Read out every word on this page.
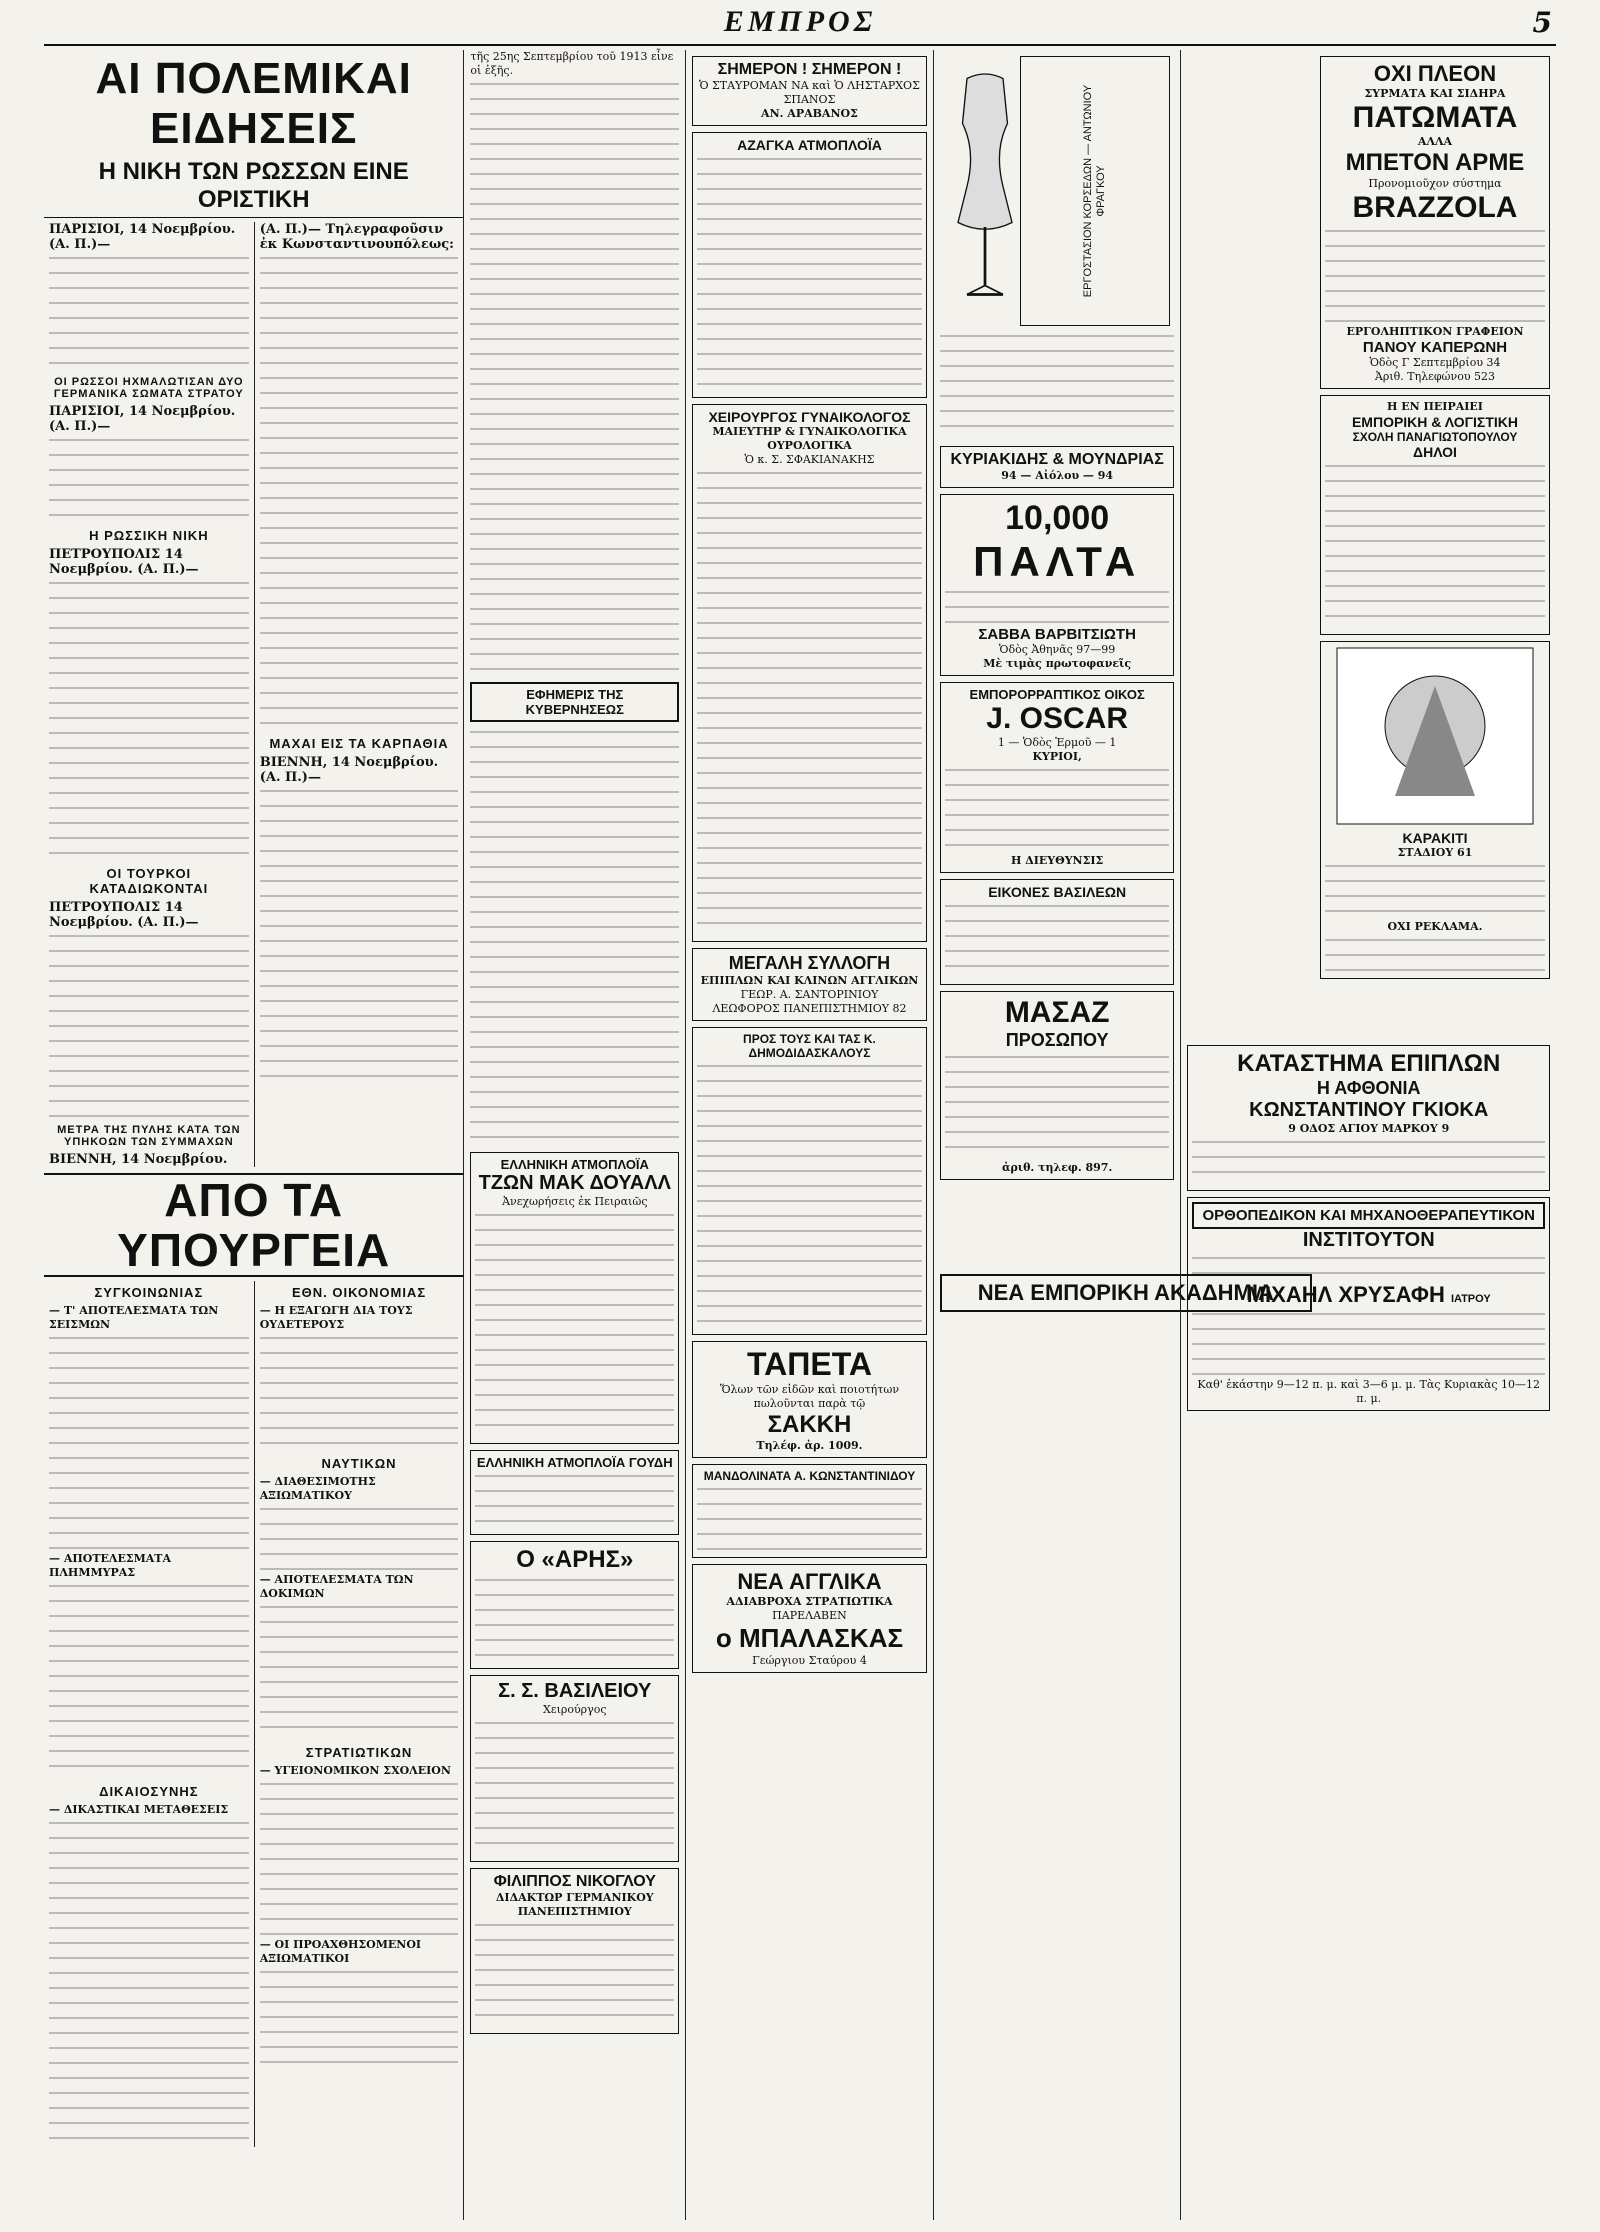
ΕΜΠΡΟΣ	5
ΑΙ ΠΟΛΕΜΙΚΑΙ ΕΙΔΗΣΕΙΣ
Η ΝΙΚΗ ΤΩΝ ΡΩΣΣΩΝ ΕΙΝΕ ΟΡΙΣΤΙΚΗ
ΠΑΡΙΣΙΟΙ, 14 Νοεμβρίου. (Α. Π.)—
ΟΙ ΡΩΣΣΟΙ ΗΧΜΑΛΩΤΙΣΑΝ ΔΥΟ ΓΕΡΜΑΝΙΚΑ ΣΩΜΑΤΑ ΣΤΡΑΤΟΥ
ΠΑΡΙΣΙΟΙ, 14 Νοεμβρίου. (Α. Π.)—
Η ΡΩΣΣΙΚΗ ΝΙΚΗ
ΠΕΤΡΟΥΠΟΛΙΣ 14 Νοεμβρίου. (Α. Π.)—
ΟΙ ΤΟΥΡΚΟΙ ΚΑΤΑΔΙΩΚΟΝΤΑΙ
ΠΕΤΡΟΥΠΟΛΙΣ 14 Νοεμβρίου. (Α. Π.)—
ΜΕΤΡΑ ΤΗΣ ΠΥΛΗΣ ΚΑΤΑ ΤΩΝ ΥΠΗΚΟΩΝ ΤΩΝ ΣΥΜΜΑΧΩΝ
ΒΙΕΝΝΗ, 14 Νοεμβρίου.
(Α. Π.)— Τηλεγραφοῦσιν ἐκ Κωνσταντινουπόλεως:
ΜΑΧΑΙ ΕΙΣ ΤΑ ΚΑΡΠΑΘΙΑ
ΒΙΕΝΝΗ, 14 Νοεμβρίου. (Α. Π.)—
ΑΠΟ ΤΑ ΥΠΟΥΡΓΕΙΑ
ΣΥΓΚΟΙΝΩΝΙΑΣ
— Τ' ΑΠΟΤΕΛΕΣΜΑΤΑ ΤΩΝ ΣΕΙΣΜΩΝ
— ΑΠΟΤΕΛΕΣΜΑΤΑ ΠΛΗΜΜΥΡΑΣ
ΔΙΚΑΙΟΣΥΝΗΣ
— ΔΙΚΑΣΤΙΚΑΙ ΜΕΤΑΘΕΣΕΙΣ
ΕΘΝ. ΟΙΚΟΝΟΜΙΑΣ
— Η ΕΞΑΓΩΓΗ ΔΙΑ ΤΟΥΣ ΟΥΔΕΤΕΡΟΥΣ
ΝΑΥΤΙΚΩΝ
— ΔΙΑΘΕΣΙΜΟΤΗΣ ΑΞΙΩΜΑΤΙΚΟΥ
— ΑΠΟΤΕΛΕΣΜΑΤΑ ΤΩΝ ΔΟΚΙΜΩΝ
ΣΤΡΑΤΙΩΤΙΚΩΝ
— ΥΓΕΙΟΝΟΜΙΚΟΝ ΣΧΟΛΕΙΟΝ
— ΟΙ ΠΡΟΑΧΘΗΣΟΜΕΝΟΙ ΑΞΙΩΜΑΤΙΚΟΙ
τῆς 25ης Σεπτεμβρίου τοῦ 1913 εἶνε οἱ ἑξῆς.
ΕΦΗΜΕΡΙΣ ΤΗΣ ΚΥΒΕΡΝΗΣΕΩΣ
ΕΛΛΗΝΙΚΗ ΑΤΜΟΠΛΟΪΑ
ΤΖΩΝ ΜΑΚ ΔΟΥΑΛΛ
Ἀνεχωρήσεις ἐκ Πειραιῶς
ΕΛΛΗΝΙΚΗ ΑΤΜΟΠΛΟΪΑ ΓΟΥΔΗ
Ο «ΑΡΗΣ»
Σ. Σ. ΒΑΣΙΛΕΙΟΥ
Χειρούργος
ΦΙΛΙΠΠΟΣ ΝΙΚΟΓΛΟΥ
ΔΙΔΑΚΤΩΡ ΓΕΡΜΑΝΙΚΟΥ ΠΑΝΕΠΙΣΤΗΜΙΟΥ
ΣΗΜΕΡΟΝ ! ΣΗΜΕΡΟΝ !
Ὁ ΣΤΑΥΡΟΜΑΝ ΝΑ καὶ Ὁ ΛΗΣΤΑΡΧΟΣ ΣΠΑΝΟΣ
ΑΝ. ΑΡΑΒΑΝΟΣ
ΑΖΑΓΚΑ ΑΤΜΟΠΛΟΪΑ
ΧΕΙΡΟΥΡΓΟΣ ΓΥΝΑΙΚΟΛΟΓΟΣ
ΜΑΙΕΥΤΗΡ & ΓΥΝΑΙΚΟΛΟΓΙΚΑ ΟΥΡΟΛΟΓΙΚΑ
Ὁ κ. Σ. ΣΦΑΚΙΑΝΑΚΗΣ
ΜΕΓΑΛΗ ΣΥΛΛΟΓΗ
ΕΠΙΠΛΩΝ ΚΑΙ ΚΛΙΝΩΝ ΑΓΓΛΙΚΩΝ
ΓΕΩΡ. Α. ΣΑΝΤΟΡΙΝΙΟΥ
ΛΕΩΦΟΡΟΣ ΠΑΝΕΠΙΣΤΗΜΙΟΥ 82
ΠΡΟΣ ΤΟΥΣ ΚΑΙ ΤΑΣ Κ. ΔΗΜΟΔΙΔΑΣΚΑΛΟΥΣ
ΤΑΠΕΤΑ
Ὅλων τῶν εἰδῶν καὶ ποιοτήτων πωλοῦνται παρὰ τῷ
ΣΑΚΚΗ
Τηλέφ. ἀρ. 1009.
ΜΑΝΔΟΛΙΝΑΤΑ Α. ΚΩΝΣΤΑΝΤΙΝΙΔΟΥ
ΝΕΑ ΑΓΓΛΙΚΑ
ΑΔΙΑΒΡΟΧΑ ΣΤΡΑΤΙΩΤΙΚΑ
ΠΑΡΕΛΑΒΕΝ
ο ΜΠΑΛΑΣΚΑΣ
Γεώργιου Σταύρου 4
ΕΡΓΟΣΤΑΣΙΟΝ ΚΟΡΣΕΔΩΝ — ΑΝΤΩΝΙΟΥ ΦΡΑΓΚΟΥ
ΚΥΡΙΑΚΙΔΗΣ & ΜΟΥΝΔΡΙΑΣ
94 — Αἰόλου — 94
10,000
ΠΑΛΤΑ
ΣΑΒΒΑ ΒΑΡΒΙΤΣΙΩΤΗ
Ὁδὸς Ἀθηνᾶς 97—99
Μὲ τιμὰς πρωτοφανεῖς
ΕΜΠΟΡΟΡΡΑΠΤΙΚΟΣ ΟΙΚΟΣ
J. OSCAR
1 — Ὁδὸς Ἑρμοῦ — 1
ΚΥΡΙΟΙ,
Η ΔΙΕΥΘΥΝΣΙΣ
ΕΙΚΟΝΕΣ ΒΑΣΙΛΕΩΝ
ΜΑΣΑΖ
ΠΡΟΣΩΠΟΥ
ἀριθ. τηλεφ. 897.
ΝΕΑ ΕΜΠΟΡΙΚΗ ΑΚΑΔΗΜΙΑ
ΟΧΙ ΠΛΕΟΝ
ΣΥΡΜΑΤΑ ΚΑΙ ΣΙΔΗΡΑ
ΠΑΤΩΜΑΤΑ
ΑΛΛΑ
ΜΠΕΤΟΝ ΑΡΜΕ
Προνομιοῦχον σύστημα
BRAZZOLA
ΕΡΓΟΛΗΠΤΙΚΟΝ ΓΡΑΦΕΙΟΝ
ΠΑΝΟΥ ΚΑΠΕΡΩΝΗ
Ὁδὸς Γ Σεπτεμβρίου 34
Ἀριθ. Τηλεφώνου 523
Η ΕΝ ΠΕΙΡΑΙΕΙ
ΕΜΠΟΡΙΚΗ & ΛΟΓΙΣΤΙΚΗ
ΣΧΟΛΗ ΠΑΝΑΓΙΩΤΟΠΟΥΛΟΥ
ΔΗΛΟΙ
ΚΑΡΑΚΙΤΙ
ΣΤΑΔΙΟΥ 61
ΟΧΙ ΡΕΚΛΑΜΑ.
ΚΑΤΑΣΤΗΜΑ ΕΠΙΠΛΩΝ
Η ΑΦΘΟΝΙΑ
ΚΩΝΣΤΑΝΤΙΝΟΥ ΓΚΙΟΚΑ
9 ΟΔΟΣ ΑΓΙΟΥ ΜΑΡΚΟΥ 9
ΟΡΘΟΠΕΔΙΚΟΝ ΚΑΙ ΜΗΧΑΝΟΘΕΡΑΠΕΥΤΙΚΟΝ
ΙΝΣΤΙΤΟΥΤΟΝ
ΜΙΧΑΗΛ ΧΡΥΣΑΦΗ ΙΑΤΡΟΥ
Καθ' ἑκάστην 9—12 π. μ. καὶ 3—6 μ. μ. Τὰς Κυριακὰς 10—12 π. μ.
